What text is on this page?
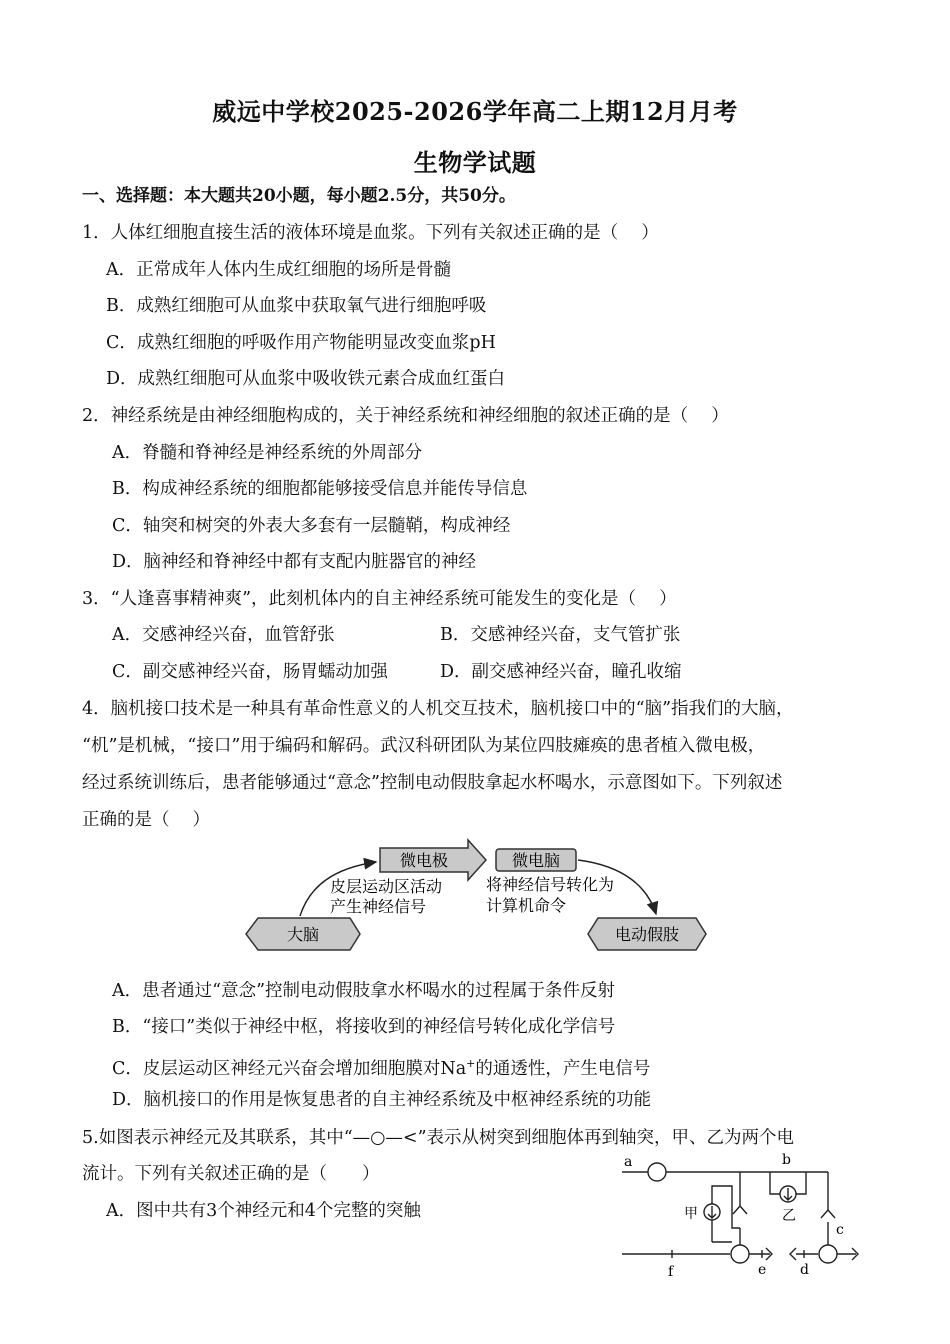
威远中学校2025-2026学年高二上期12月月考
生物学试题
一、选择题：本大题共20小题，每小题2.5分，共50分。
1．人体红细胞直接生活的液体环境是血浆。下列有关叙述正确的是（　 ）
A．正常成年人体内生成红细胞的场所是骨髓
B．成熟红细胞可从血浆中获取氧气进行细胞呼吸
C．成熟红细胞的呼吸作用产物能明显改变血浆pH
D．成熟红细胞可从血浆中吸收铁元素合成血红蛋白
2．神经系统是由神经细胞构成的，关于神经系统和神经细胞的叙述正确的是（　 ）
A．脊髓和脊神经是神经系统的外周部分
B．构成神经系统的细胞都能够接受信息并能传导信息
C．轴突和树突的外表大多套有一层髓鞘，构成神经
D．脑神经和脊神经中都有支配内脏器官的神经
3．“人逢喜事精神爽”，此刻机体内的自主神经系统可能发生的变化是（　 ）
A．交感神经兴奋，血管舒张	B．交感神经兴奋，支气管扩张
C．副交感神经兴奋，肠胃蠕动加强	D．副交感神经兴奋，瞳孔收缩
4．脑机接口技术是一种具有革命性意义的人机交互技术，脑机接口中的“脑”指我们的大脑，
“机”是机械，“接口”用于编码和解码。武汉科研团队为某位四肢瘫痪的患者植入微电极，
经过系统训练后，患者能够通过“意念”控制电动假肢拿起水杯喝水，示意图如下。下列叙述
正确的是（　 ）
大脑
微电极	微电脑
电动假肢
皮层运动区活动
产生神经信号
将神经信号转化为
计算机命令
A．患者通过“意念”控制电动假肢拿水杯喝水的过程属于条件反射
B．“接口”类似于神经中枢，将接收到的神经信号转化成化学信号
C．皮层运动区神经元兴奋会增加细胞膜对Na+的通透性，产生电信号
D．脑机接口的作用是恢复患者的自主神经系统及中枢神经系统的功能
5.如图表示神经元及其联系，其中“—○—<”表示从树突到细胞体再到轴突，甲、乙为两个电
流计。下列有关叙述正确的是（　　）
A．图中共有3个神经元和4个完整的突触
a	b
c
d
e
f
甲	乙
